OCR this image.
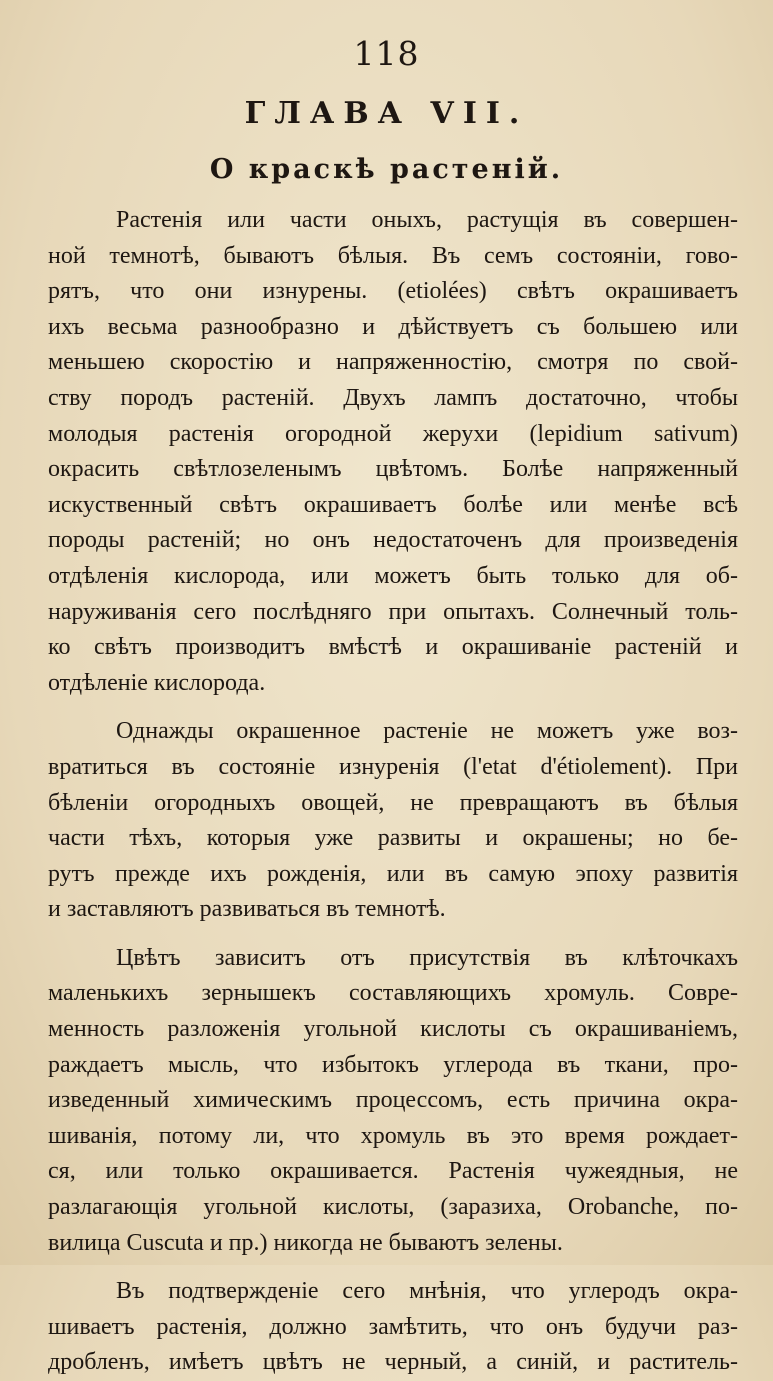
118
ГЛАВА VII.
О краскѣ растенiй.

Растенiя или части оныхъ, растущiя въ совершен-
ной темнотѣ, бываютъ бѣлыя. Въ семъ состоянiи, гово-
рятъ, что они изнурены. (etiolées) свѣтъ окрашиваетъ
ихъ весьма разнообразно и дѣйствуетъ съ большею или
меньшею скоростiю и напряженностiю, смотря по свой-
ству породъ растенiй. Двухъ лампъ достаточно, чтобы
молодыя растенiя огородной жерухи (lepidium sativum)
окрасить свѣтлозеленымъ цвѣтомъ. Болѣе напряженный
искуственный свѣтъ окрашиваетъ болѣе или менѣе всѣ
породы растенiй; но онъ недостаточенъ для произведенiя
отдѣленiя кислорода, или можетъ быть только для об-
наруживанiя сего послѣдняго при опытахъ. Солнечный толь-
ко свѣтъ производитъ вмѣстѣ и окрашиванiе растенiй и
отдѣленiе кислорода.

Однажды окрашенное растенiе не можетъ уже воз-
вратиться въ состоянiе изнуренiя (l'etat d'étiolement). При
бѣленiи огородныхъ овощей, не превращаютъ въ бѣлыя
части тѣхъ, которыя уже развиты и окрашены; но бе-
рутъ прежде ихъ рожденiя, или въ самую эпоху развитiя
и заставляютъ развиваться въ темнотѣ.

Цвѣтъ зависитъ отъ присутствiя въ клѣточкахъ
маленькихъ зернышекъ составляющихъ хромуль. Совре-
менность разложенiя угольной кислоты съ окрашиванiемъ,
раждаетъ мысль, что избытокъ углерода въ ткани, про-
изведенный химическимъ процессомъ, есть причина окра-
шиванiя, потому ли, что хромуль въ это время рождает-
ся, или только окрашивается. Растенiя чужеядныя, не
разлагающiя угольной кислоты, (заразиха, Orobanche, по-
вилица Cuscuta и пр.) никогда не бываютъ зелены.

Въ подтвержденiе сего мнѣнiя, что углеродъ окра-
шиваетъ растенiя, должно замѣтить, что онъ будучи раз-
дробленъ, имѣетъ цвѣтъ не черный, а синiй, и раститель-
